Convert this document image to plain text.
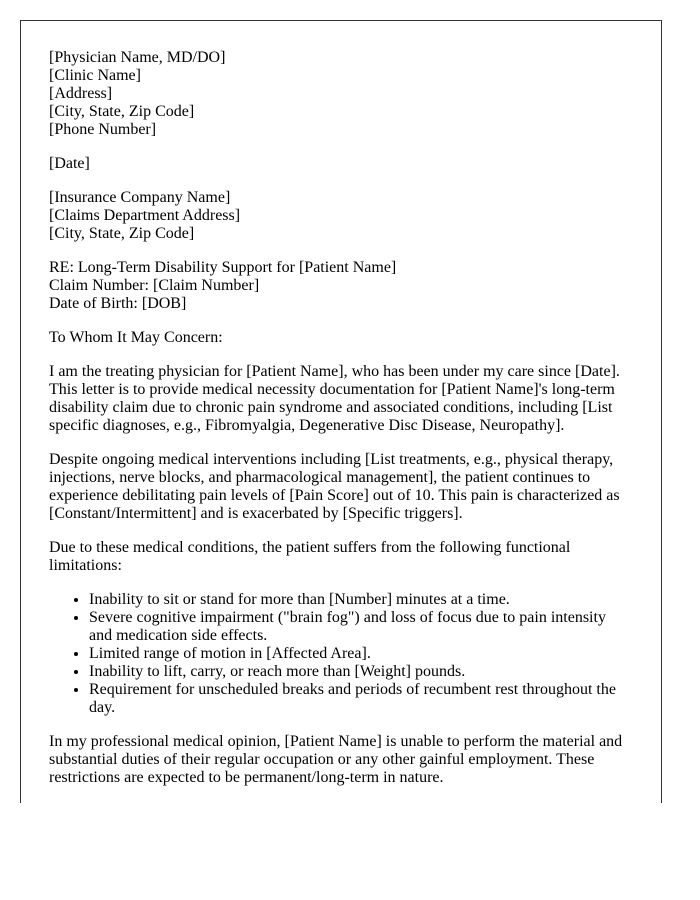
[Physician Name, MD/DO]
[Clinic Name]
[Address]
[City, State, Zip Code]
[Phone Number]

[Date]

[Insurance Company Name]
[Claims Department Address]
[City, State, Zip Code]

RE: Long-Term Disability Support for [Patient Name]
Claim Number: [Claim Number]
Date of Birth: [DOB]

To Whom It May Concern:

I am the treating physician for [Patient Name], who has been under my care since [Date]. This letter is to provide medical necessity documentation for [Patient Name]'s long-term disability claim due to chronic pain syndrome and associated conditions, including [List specific diagnoses, e.g., Fibromyalgia, Degenerative Disc Disease, Neuropathy].

Despite ongoing medical interventions including [List treatments, e.g., physical therapy, injections, nerve blocks, and pharmacological management], the patient continues to experience debilitating pain levels of [Pain Score] out of 10. This pain is characterized as [Constant/Intermittent] and is exacerbated by [Specific triggers].

Due to these medical conditions, the patient suffers from the following functional limitations:

• Inability to sit or stand for more than [Number] minutes at a time.
• Severe cognitive impairment ("brain fog") and loss of focus due to pain intensity and medication side effects.
• Limited range of motion in [Affected Area].
• Inability to lift, carry, or reach more than [Weight] pounds.
• Requirement for unscheduled breaks and periods of recumbent rest throughout the day.

In my professional medical opinion, [Patient Name] is unable to perform the material and substantial duties of their regular occupation or any other gainful employment. These restrictions are expected to be permanent/long-term in nature.
